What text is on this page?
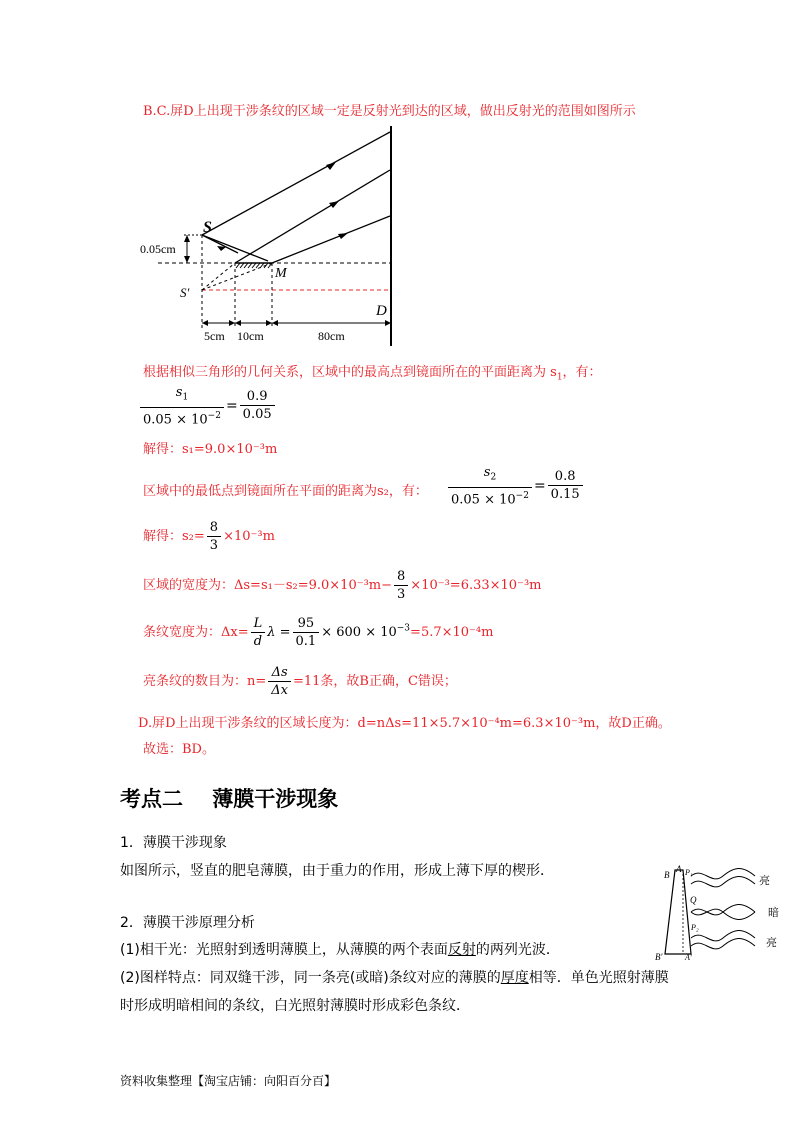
B.C.屏D上出现干涉条纹的区域一定是反射光到达的区域，做出反射光的范围如图所示
S
S′
M
D
0.05cm
5cm 10cm	80cm
根据相似三角形的几何关系，区域中的最高点到镜面所在的平面距离为 $s_1$，有：
$\frac{s_1}{0.05 \times 10^{-2}} = \frac{0.9}{0.05}$
解得：s₁=9.0×10⁻³m
区域中的最低点到镜面所在平面的距离为s₂，有： $\frac{s_2}{0.05 \times 10^{-2}} = \frac{0.8}{0.15}$
解得：$s_2= \frac{8}{3} \times 10^{-3}m$
区域的宽度为：$\Delta s=s_1-s_2=9.0\times 10^{-3}m- \frac{8}{3} \times 10^{-3}=6.33\times 10^{-3}m$
条纹宽度为：$\Delta x= \frac{L}{d}$ $\lambda = \frac{95}{0.1} \times 600 \times 10^{-3}=5.7\times 10^{-4}m$
亮条纹的数目为：$n= \frac{\Delta s}{\Delta x} =11$条，故B正确，C错误；
D.屏D上出现干涉条纹的区域长度为：d=nΔs=11×5.7×10⁻⁴m=6.3×10⁻³m，故D正确。
故选：BD。
考点二    薄膜干涉现象
1．薄膜干涉现象
如图所示，竖直的肥皂薄膜，由于重力的作用，形成上薄下厚的楔形．
2．薄膜干涉原理分析
(1)相干光：光照射到透明薄膜上，从薄膜的两个表面反射的两列光波．
(2)图样特点：同双缝干涉，同一条亮(或暗)条纹对应的薄膜的厚度相等．单色光照射薄膜
时形成明暗相间的条纹，白光照射薄膜时形成彩色条纹．
B
A P₁
Q
P₂
B′	A′
亮
暗
亮
资料收集整理【淘宝店铺：向阳百分百】
